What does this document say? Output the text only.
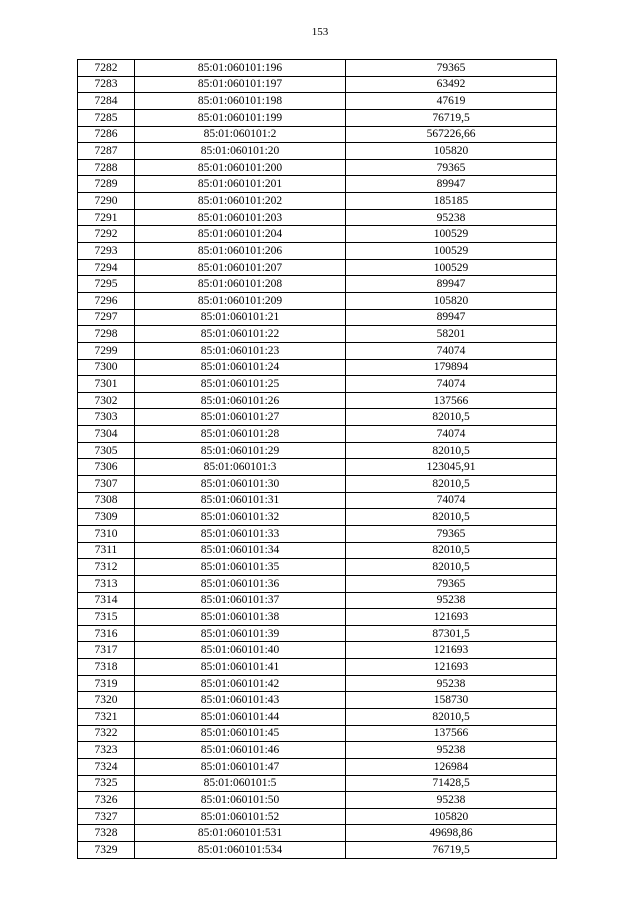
153
7282	85:01:060101:196	79365
7283	85:01:060101:197	63492
7284	85:01:060101:198	47619
7285	85:01:060101:199	76719,5
7286	85:01:060101:2	567226,66
7287	85:01:060101:20	105820
7288	85:01:060101:200	79365
7289	85:01:060101:201	89947
7290	85:01:060101:202	185185
7291	85:01:060101:203	95238
7292	85:01:060101:204	100529
7293	85:01:060101:206	100529
7294	85:01:060101:207	100529
7295	85:01:060101:208	89947
7296	85:01:060101:209	105820
7297	85:01:060101:21	89947
7298	85:01:060101:22	58201
7299	85:01:060101:23	74074
7300	85:01:060101:24	179894
7301	85:01:060101:25	74074
7302	85:01:060101:26	137566
7303	85:01:060101:27	82010,5
7304	85:01:060101:28	74074
7305	85:01:060101:29	82010,5
7306	85:01:060101:3	123045,91
7307	85:01:060101:30	82010,5
7308	85:01:060101:31	74074
7309	85:01:060101:32	82010,5
7310	85:01:060101:33	79365
7311	85:01:060101:34	82010,5
7312	85:01:060101:35	82010,5
7313	85:01:060101:36	79365
7314	85:01:060101:37	95238
7315	85:01:060101:38	121693
7316	85:01:060101:39	87301,5
7317	85:01:060101:40	121693
7318	85:01:060101:41	121693
7319	85:01:060101:42	95238
7320	85:01:060101:43	158730
7321	85:01:060101:44	82010,5
7322	85:01:060101:45	137566
7323	85:01:060101:46	95238
7324	85:01:060101:47	126984
7325	85:01:060101:5	71428,5
7326	85:01:060101:50	95238
7327	85:01:060101:52	105820
7328	85:01:060101:531	49698,86
7329	85:01:060101:534	76719,5
